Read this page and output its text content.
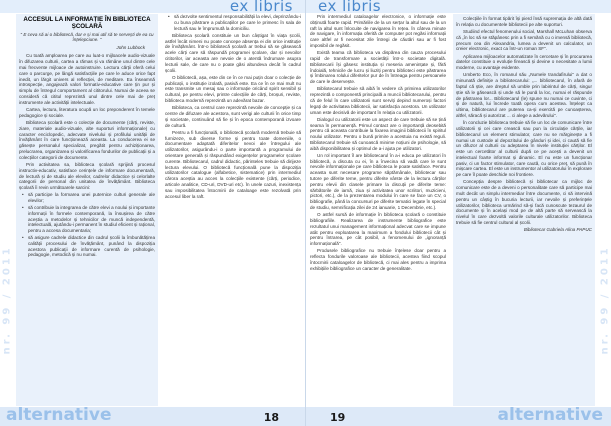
ex libris
nr. 99 / 2011
ACCESUL LA INFORMAȚIE ÎN BIBLIOTECA ȘCOLARĂ
" E ceva să ai o bibliotecă, dar e și mai util să te servești de ea cu înțelepciune. "
John Lubbock

Cu toată amploarea pe care au luat-o mijloacele audio-vizuale în difuzarea culturii, cartea a rămas și va rămâne unul dintre cele mai frecvente mijloace de autoinstruire. Lectura cărții oferă celui care o parcurge, pe lângă satisfacțiile pe care le aduce orice fapt inedit, un lărgit univers al reflecției, de meditare. Ea înseamnă introspecție, angajează valori formativ-educative care țin pur și simplu de întregul comportament al cititorului. Numai de aceea se consideră că cititul reprezintă unul dintre cele mai de preț instrumente ale activității intelectuale.

Cartea, lectura, literatura ocupă un loc preponderent în temele pedagogice și sociale.

Biblioteca școlară este o colecție de documente (cărți, reviste, ziare, materiale audio-vizuale, alte suporturi informaționale) cu caracter enciclopedic, adecvate nivelului și profilului unității de învățământ în care funcționează aceasta. La conducerea ei se găsește personalul specializat, pregătit pentru achiziționarea, prelucrarea, organizarea și valorificarea fondurilor de publicații și a colecțiilor categorii de documente.

Prin activitatea sa, biblioteca școlară sprijină procesul instructiv-educativ, satisface cerințele de informare documentară, de lectură și de studiu ale elevilor, cadrelor didactice și celorlalte categorii de personal din unitatea de învățământ. Biblioteca școlară îi revin următoarele sarcini:

• să participe la formarea unei puternice culturi generale ale elevilor;
• să contribuie la integrarea de către elevi a noului și importante informații în formele contemporană, la însușirea de către aceștia a metodelor și tehnicilor de muncă independentă, intelectuală, ajutându-i permanent în studiul eficient și rațional, pentru a accesa documentaria;
• să asigure cadrele didactice din cadrul școlii la îmbunătățirea calității procesului de învățământ, punând la dispoziția acestora publicații de informare curentă de psihologie, pedagogie, metodică și nu numai.
• să dezvolte sentimentul responsabilității la elevi, deprinzându-i cu buna păstrare a publicațiilor pe care le primesc în sala de lectură sau le împrumută la domiciliu.

Biblioteca școlară constituie un bun câștigat în viața școlii, astfel încât nimeni nu poate concepe absența ei din orice instituție de învățământ. Într-o bibliotecă școlară ar trebui să se găsească acele cărți care să răspundă programei școlare, dar și nevoilor cititorilor, iar aceasta are nevoie de o atentă îndrumare asupra lecturii sale, de care nu o poate găsi altundeva decât în cadrul școlii.

O bibliotecă, așa, este din ce în ce mai puțin doar o colecție de publicații, o instituție izolată, pasivă este. Ea ce în ce mai mult nu este transmite un mesaj sau o informație oricând spirit sensibil și cultural, pe pentru elevi, printre colecțiile de cărți, broșuri, reviste, biblioteca modernă reprezintă un adevărat bazar.

Biblioteca, ca centrul care reprezintă nevoile de concepție și ca centre de difuzare ale acestora, sunt verigi ale culturii în orice timp și societate, continuând să fie și în epoca contemporană izvoare de cultură.

Pentru a fi funcțională, o bibliotecă școlară modernă trebuie să furnizeze, sub diverse forme și pentru toate domeniile, o documentare adaptată diferitelor nevoi ale întregului ale utilizatorilor, asigurându-i o parte importantă a programului de orientare generală și răspundând exigențelor programelor școlare curente. Bibliotecarul, cadrul didactic, părinteles trebuie să dirijeze lectura elevului. O bibliotecă funcțională pune la dispoziția utilizatorilor catalogue (alfabetice, sistematice) prin intermediul cărora aceștia au acces la colecțiile existente (cărți, periodice, articole analitice, CD-uri, DVD-uri etc). În unele cazuri, inexistența sau imposibilitatea întocmirii de cataloage este rezolvată prin accesul liber la raft.

alternative	18
ex libris
nr. 99 / 2011

Prin intermediul cataloagelor electronice, o informație este obținută foarte rapid. Primăriile de la un serțar la altul sau de la un raft la altul sunt înlocuite de navigarea în rețea. În câteva minute de navigare, în informația oferită de computer pot regăsi informații care altfel ar fi necesitat zile întregi de căutări sau ar fi fost imposibil de regăsit.

Există teama că biblioteca va dispărea din cauza procesului rapid de transformare a societății într-o societate digitală. Bibliotecarii își găsesc instituția și meseria amenințate și, fără îndoială, tehnicile de lucru și liuziți pentru biblioteci este păstrarea și îmbinarea rolului diferitelor pur de în întreaga pentru persoanele de care le deservește.

Bibliotecarul trebuie să aibă în vedere că primirea utilizatorilor reprezintă o componentă principală a muncii bibliotecarului, pentru că de felul în care utilizatorii sunt serviți depind numeroși factori legați de activitatea bibliotecii, iar satisfacția acestora. Un utilizator uman este decisivă de important în relația cu utilizatorii.

Dialogul cu utilizatorii este un aspect de care trebuie să se țină seama în permanență. Primul contact are o importanță deosebită pentru că aceasta contribuie la fixarea imaginii bibliotecii în spiritul noului utilizator. Pentru o bună primire a acestuia nu există reguli. Bibliotecarul trebuie să cunoască minime noțiuni de psihologie, să aibă disponibilitatea și optimul de a-i ajuta pe utilizatori.

Un rol important îl are bibliotecarul în a-i educa pe utilizatori în bibliotecă, a discuta cu ei, în a învecina să vadă care le sunt nevoile informaționale pe care biblioteca le poate satisface. Pentru aceasta sunt necesare programe săptămânale, bibliotecar sau tutore pe diferite teme, pentru diferite vârste de la lectura cărților pentru elevii din clasele primare la discuții pe diferite teme: sărbătorile de iarnă, ziua și activitatea unor scriitori, muzicieni, pictori, etc.), de la prezentarea modului în care se face un CV, o bibliografie, până la concursuri pe diferite tematici legate în special de studiu, semnificația zilei de 24 ianuarie, 1 Decembrie, etc.).

O astfel sursă de informație în biblioteca școlară o constituie bibliografiile. Realizarea de instrumente bibliografice este rezultatul unui management informațional adecvat care se impune atât pentru exploatarea la maximum a fondului bibliotecii cât și pentru întrarea, pe cât posibil, a fenomenului de „ignoranță informațională".

Produsele bibliografice nu trebuie înțelese doar pentru a reflecta fondurile valoroase ale bibliotecii, acestea fiind scopul întocmirii cataloagelor de bibliotecă, ci mai ales pentru a imprima exhibițiile bibliografice un caracter de generalitate.

Colecțiile în format tipărit își pierd însă supremația de altă dată în relația cu documentele bibliotecii pe alte suporturi.

Studiind efectul fenomenului social, Marshall McLuhan observa că „în loc să se stăpânesc prin a fi semănă cu o imensă bibliotecă, precum cea din Alexandria, lumea a devenit un calculator, un creier electronic, exact ca într-un roman SF".

Aplicarea mijloacelor automatizate în cercetare și în procurarea datelor constituie o evoluție firească și devine o necesitate a lumii moderne, cu avantaje evidente.

Umberto Eco, în romanul său „Numele trandafirului" a dat o minunată definiție a bibliotecarului: „... bibliotecarul, în afară de faptul că știe, are dreptul să umble prin labirintul de cărți, singur știe să le găsească și unde să le pună la loc, numai el răspunde de păstrarea lor... Bibliotecarul (le) spune nu numai ce cuvinte, ci și de natură, lui încrede toată opera cum acestea. Înțelept ca ultima, bibliotecarul are puterea ca-și exercită pe cunoașterea, altfel, săracă și autorizat ... ci alege a adevărului".

În concluzie biblioteca trebuie să fie un loc de comunicare între utilizatorii și cei care crească sau pun la circulație cărțile, iar bibliotecarul un element stimulator, care nu se mărginește a fi numai un custode al depozitului de gânduri și idei, ci caută să fie un difuzor al culturii cu adeptarea în nivele instituției cărților. El este un cercetător al culturii după ce pe acești a devenit un intelectual foarte informat și dinamic. El nu este un funcționar pasiv, ci un factor stimulator, care caută, cu orice preț, să pună în mișcare cartea. El este un instrumentor al utilizatorului în explorare pe care îl poate deschide noi frontiere.

Concepția despre bibliotecă și bibliotecar ca mijloc de comunicare este de a deveni o personalitate care să participe mai mult decât un simplu intermediar între documente, ci să intervină pentru un câștig în bucuria lecturii, iar nevoile și preferințele utilizatorilor, biblioteca urmărind să-și facă cunoscute tezaurul de documente și în același mod pe de altă parte să servească la nivelul în care dezvoltă valorile culturale utilizatorilor. Biblioteca trebuie să fie centrul cultural al școlii.

Bibliotecar Gabriela Alina PAPUC
alternative
19
